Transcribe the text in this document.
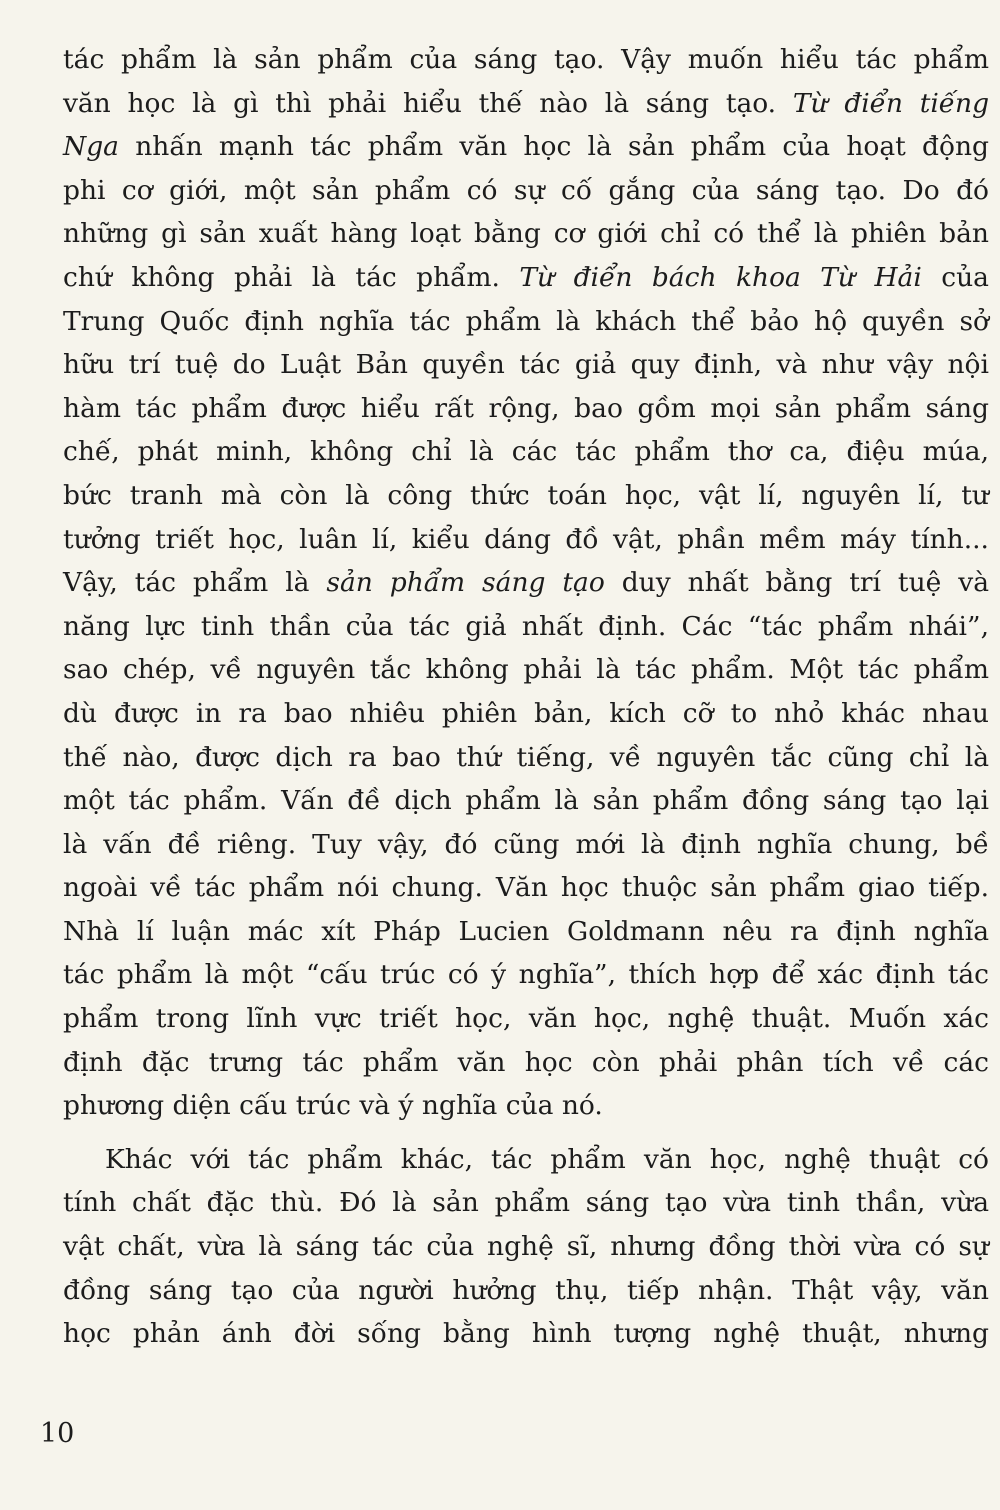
tác phẩm là sản phẩm của sáng tạo. Vậy muốn hiểu tác phẩm
văn học là gì thì phải hiểu thế nào là sáng tạo. Từ điển tiếng
Nga nhấn mạnh tác phẩm văn học là sản phẩm của hoạt động
phi cơ giới, một sản phẩm có sự cố gắng của sáng tạo. Do đó
những gì sản xuất hàng loạt bằng cơ giới chỉ có thể là phiên bản
chứ không phải là tác phẩm. Từ điển bách khoa Từ Hải của
Trung Quốc định nghĩa tác phẩm là khách thể bảo hộ quyền sở
hữu trí tuệ do Luật Bản quyền tác giả quy định, và như vậy nội
hàm tác phẩm được hiểu rất rộng, bao gồm mọi sản phẩm sáng
chế, phát minh, không chỉ là các tác phẩm thơ ca, điệu múa,
bức tranh mà còn là công thức toán học, vật lí, nguyên lí, tư
tưởng triết học, luân lí, kiểu dáng đồ vật, phần mềm máy tính...
Vậy, tác phẩm là sản phẩm sáng tạo duy nhất bằng trí tuệ và
năng lực tinh thần của tác giả nhất định. Các “tác phẩm nhái”,
sao chép, về nguyên tắc không phải là tác phẩm. Một tác phẩm
dù được in ra bao nhiêu phiên bản, kích cỡ to nhỏ khác nhau
thế nào, được dịch ra bao thứ tiếng, về nguyên tắc cũng chỉ là
một tác phẩm. Vấn đề dịch phẩm là sản phẩm đồng sáng tạo lại
là vấn đề riêng. Tuy vậy, đó cũng mới là định nghĩa chung, bề
ngoài về tác phẩm nói chung. Văn học thuộc sản phẩm giao tiếp.
Nhà lí luận mác xít Pháp Lucien Goldmann nêu ra định nghĩa
tác phẩm là một “cấu trúc có ý nghĩa”, thích hợp để xác định tác
phẩm trong lĩnh vực triết học, văn học, nghệ thuật. Muốn xác
định đặc trưng tác phẩm văn học còn phải phân tích về các
phương diện cấu trúc và ý nghĩa của nó.
Khác với tác phẩm khác, tác phẩm văn học, nghệ thuật có
tính chất đặc thù. Đó là sản phẩm sáng tạo vừa tinh thần, vừa
vật chất, vừa là sáng tác của nghệ sĩ, nhưng đồng thời vừa có sự
đồng sáng tạo của người hưởng thụ, tiếp nhận. Thật vậy, văn
học phản ánh đời sống bằng hình tượng nghệ thuật, nhưng
10
